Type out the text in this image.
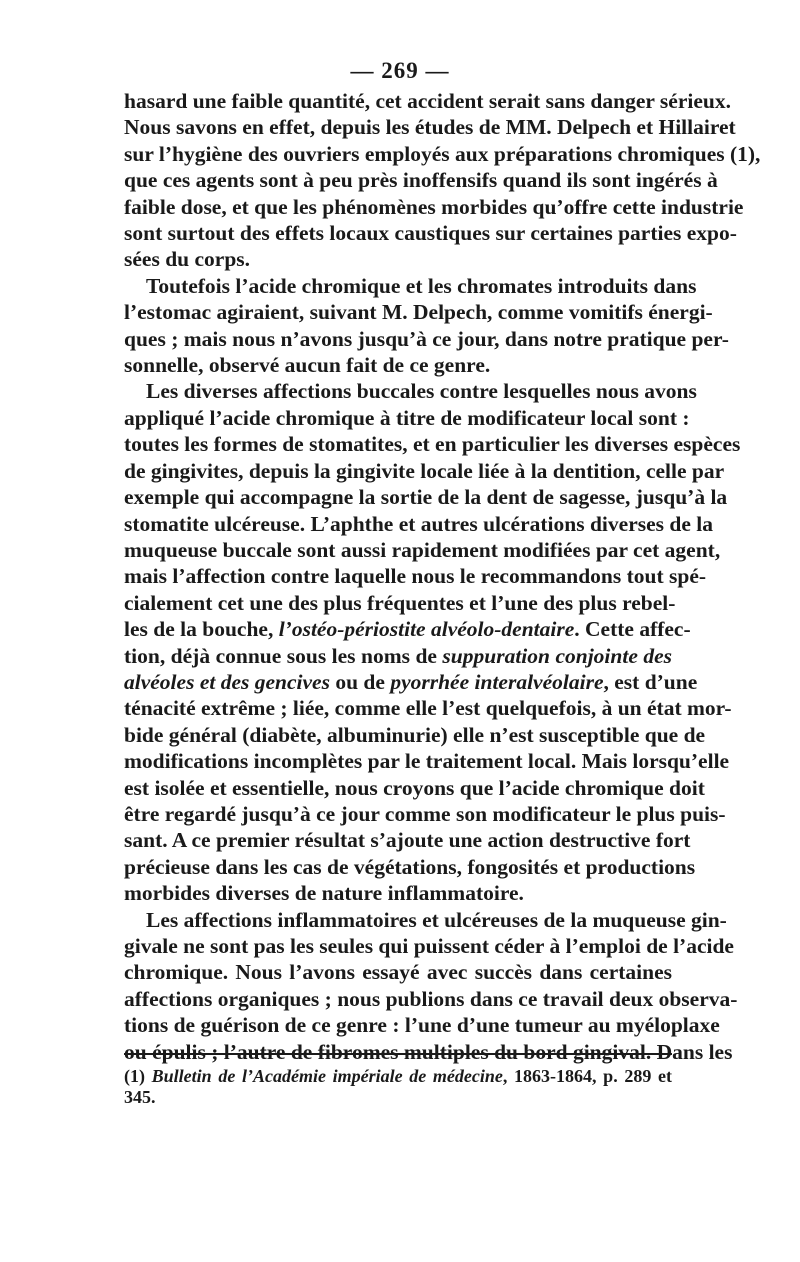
— 269 —
hasard une faible quantité, cet accident serait sans danger sérieux.
Nous savons en effet, depuis les études de MM. Delpech et Hillairet
sur l’hygiène des ouvriers employés aux préparations chromiques (1),
que ces agents sont à peu près inoffensifs quand ils sont ingérés à
faible dose, et que les phénomènes morbides qu’offre cette industrie
sont surtout des effets locaux caustiques sur certaines parties expo-
sées du corps.
Toutefois l’acide chromique et les chromates introduits dans
l’estomac agiraient, suivant M. Delpech, comme vomitifs énergi-
ques ; mais nous n’avons jusqu’à ce jour, dans notre pratique per-
sonnelle, observé aucun fait de ce genre.
Les diverses affections buccales contre lesquelles nous avons
appliqué l’acide chromique à titre de modificateur local sont :
toutes les formes de stomatites, et en particulier les diverses espèces
de gingivites, depuis la gingivite locale liée à la dentition, celle par
exemple qui accompagne la sortie de la dent de sagesse, jusqu’à la
stomatite ulcéreuse. L’aphthe et autres ulcérations diverses de la
muqueuse buccale sont aussi rapidement modifiées par cet agent,
mais l’affection contre laquelle nous le recommandons tout spé-
cialement cet une des plus fréquentes et l’une des plus rebel-
les de la bouche, l’ostéo-périostite alvéolo-dentaire. Cette affec-
tion, déjà connue sous les noms de suppuration conjointe des
alvéoles et des gencives ou de pyorrhée interalvéolaire, est d’une
ténacité extrême ; liée, comme elle l’est quelquefois, à un état mor-
bide général (diabète, albuminurie) elle n’est susceptible que de
modifications incomplètes par le traitement local. Mais lorsqu’elle
est isolée et essentielle, nous croyons que l’acide chromique doit
être regardé jusqu’à ce jour comme son modificateur le plus puis-
sant. A ce premier résultat s’ajoute une action destructive fort
précieuse dans les cas de végétations, fongosités et productions
morbides diverses de nature inflammatoire.
Les affections inflammatoires et ulcéreuses de la muqueuse gin-
givale ne sont pas les seules qui puissent céder à l’emploi de l’acide
chromique. Nous l’avons essayé avec succès dans certaines
affections organiques ; nous publions dans ce travail deux observa-
tions de guérison de ce genre : l’une d’une tumeur au myéloplaxe
ou épulis ; l’autre de fibromes multiples du bord gingival. Dans les
(1) Bulletin de l’Académie impériale de médecine, 1863-1864, p. 289 et
345.
